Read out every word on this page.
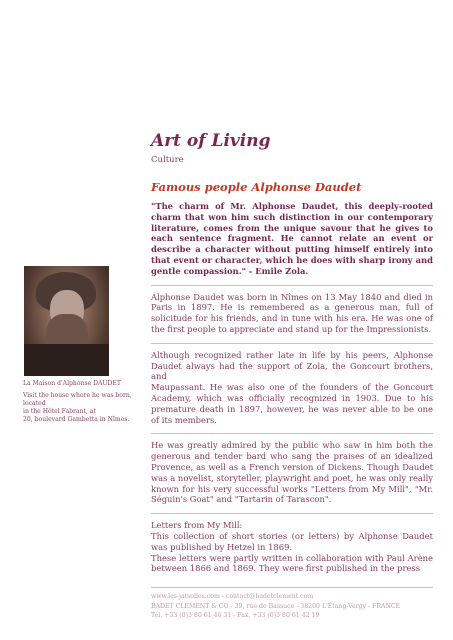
La Maison d'Alphonse DAUDET
Visit the house where he was born,
located
in the Hôtel Fabrant, at
20, boulevard Gambetta in Nîmes.
Art of Living
Culture
Famous people Alphonse Daudet

"The charm of Mr. Alphonse Daudet, this deeply-rooted charm that won him such distinction in our contemporary literature, comes from the unique savour that he gives to each sentence fragment. He cannot relate an event or describe a character without putting himself entirely into that event or character, which he does with sharp irony and gentle compassion." - Emile Zola.

Alphonse Daudet was born in Nîmes on 13 May 1840 and died in Paris in 1897. He is remembered as a generous man, full of solicitude for his friends, and in tune with his era. He was one of the first people to appreciate and stand up for the Impressionists.

Although recognized rather late in life by his peers, Alphonse Daudet always had the support of Zola, the Goncourt brothers, and

Maupassant. He was also one of the founders of the Goncourt Academy, which was officially recognized in 1903. Due to his premature death in 1897, however, he was never able to be one of its members.

He was greatly admired by the public who saw in him both the generous and tender bard who sang the praises of an idealized Provence, as well as a French version of Dickens. Though Daudet was a novelist, storyteller, playwright and poet, he was only really known for his very successful works "Letters from My Mill", "Mr. Séguin's Goat" and "Tartarin of Tarascon".

Letters from My Mill:

This collection of short stories (or letters) by Alphonse Daudet was published by Hetzel in 1869.

These letters were partly written in collaboration with Paul Arène between 1866 and 1869. They were first published in the press

www.les-jatsolles.com - contact@badetclement.com
BADET CLEMENT & CO - 39, rue de Bassuce - 38200 L'Étang-Vergy - FRANCE
Tél. +33 (0)3 80 61 46 31 - Fax. +33 (0)3 80 61 42 19
